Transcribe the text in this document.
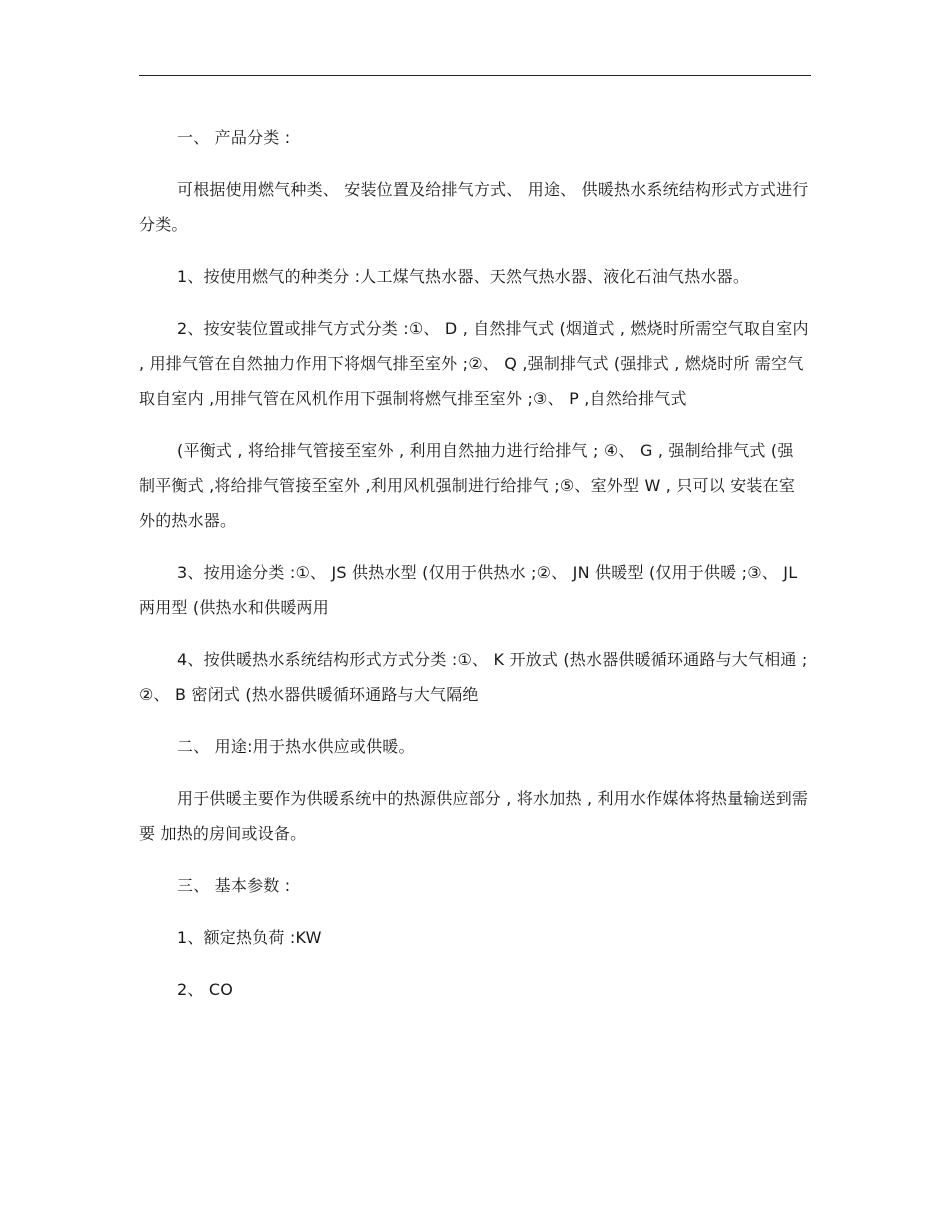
一、 产品分类 :

可根据使用燃气种类、 安装位置及给排气方式、 用途、 供暖热水系统结构形式方式进行分类。

1、按使用燃气的种类分 :人工煤气热水器、天然气热水器、液化石油气热水器。

2、按安装位置或排气方式分类 :①、 D , 自然排气式 (烟道式 , 燃烧时所需空气取自室内 , 用排气管在自然抽力作用下将烟气排至室外 ;②、 Q ,强制排气式 (强排式 , 燃烧时所 需空气取自室内 ,用排气管在风机作用下强制将燃气排至室外 ;③、 P ,自然给排气式

(平衡式 , 将给排气管接至室外 , 利用自然抽力进行给排气 ; ④、 G , 强制给排气式 (强 制平衡式 ,将给排气管接至室外 ,利用风机强制进行给排气 ;⑤、室外型 W , 只可以 安装在室外的热水器。

3、按用途分类 :①、 JS 供热水型 (仅用于供热水 ;②、 JN 供暖型 (仅用于供暖 ;③、 JL 两用型 (供热水和供暖两用

4、按供暖热水系统结构形式方式分类 :①、 K 开放式 (热水器供暖循环通路与大气相通 ; ②、 B 密闭式 (热水器供暖循环通路与大气隔绝

二、 用途:用于热水供应或供暖。

用于供暖主要作为供暖系统中的热源供应部分 , 将水加热 , 利用水作媒体将热量输送到需要 加热的房间或设备。

三、 基本参数 :

1、额定热负荷 :KW

2、 CO
